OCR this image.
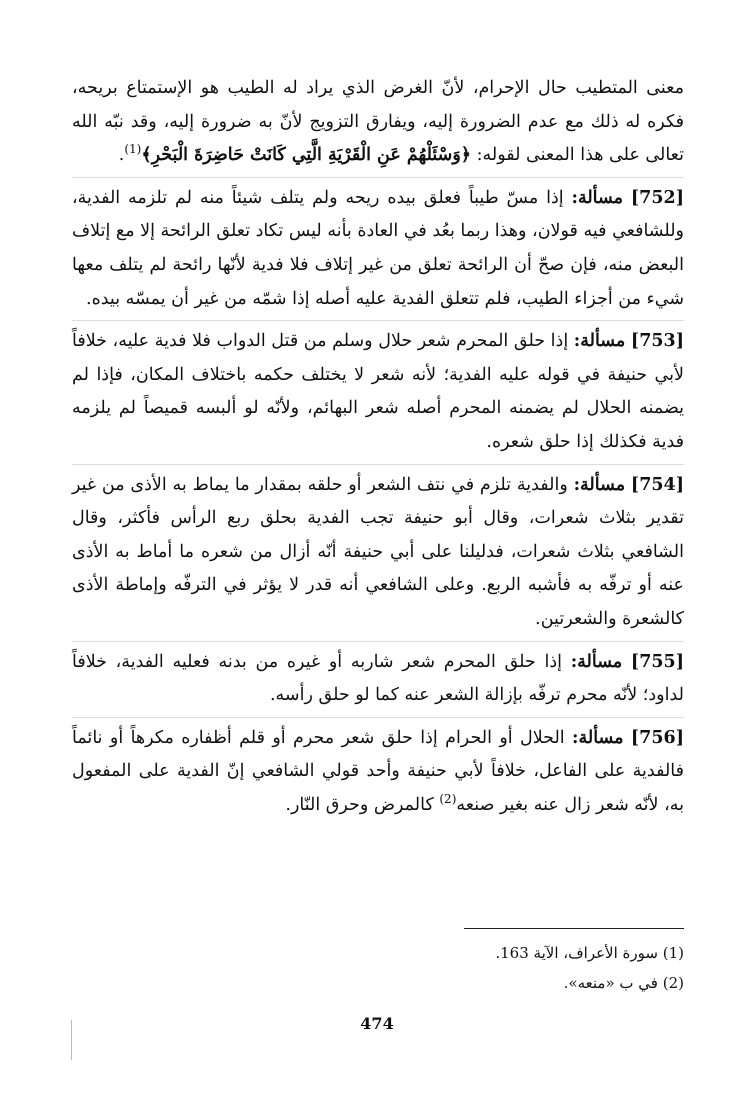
معنى المتطيب حال الإحرام، لأنّ الغرض الذي يراد له الطيب هو الإستمتاع بريحه، فكره له ذلك مع عدم الضرورة إليه، ويفارق التزويج لأنّ به ضرورة إليه، وقد نبّه الله تعالى على هذا المعنى لقوله: ﴿وَسْئَلْهُمْ عَنِ الْقَرْيَةِ الَّتِي كَانَتْ حَاضِرَةَ الْبَحْرِ﴾$^{(1)}$.

[752] مسألة: إذا مسّ طيباً فعلق بيده ريحه ولم يتلف شيئاً منه لم تلزمه الفدية، وللشافعي فيه قولان، وهذا ربما بعُد في العادة بأنه ليس تكاد تعلق الرائحة إلا مع إتلاف البعض منه، فإن صحّ أن الرائحة تعلق من غير إتلاف فلا فدية لأنّها رائحة لم يتلف معها شيء من أجزاء الطيب، فلم تتعلق الفدية عليه أصله إذا شمّه من غير أن يمسّه بيده.

[753] مسألة: إذا حلق المحرم شعر حلال وسلم من قتل الدواب فلا فدية عليه، خلافاً لأبي حنيفة في قوله عليه الفدية؛ لأنه شعر لا يختلف حكمه باختلاف المكان، فإذا لم يضمنه الحلال لم يضمنه المحرم أصله شعر البهائم، ولأنّه لو ألبسه قميصاً لم يلزمه فدية فكذلك إذا حلق شعره.

[754] مسألة: والفدية تلزم في نتف الشعر أو حلقه بمقدار ما يماط به الأذى من غير تقدير بثلاث شعرات، وقال أبو حنيفة تجب الفدية بحلق ربع الرأس فأكثر، وقال الشافعي بثلاث شعرات، فدليلنا على أبي حنيفة أنّه أزال من شعره ما أماط به الأذى عنه أو ترفّه به فأشبه الربع. وعلى الشافعي أنه قدر لا يؤثر في الترفّه وإماطة الأذى كالشعرة والشعرتين.

[755] مسألة: إذا حلق المحرم شعر شاربه أو غيره من بدنه فعليه الفدية، خلافاً لداود؛ لأنّه محرم ترفّه بإزالة الشعر عنه كما لو حلق رأسه.

[756] مسألة: الحلال أو الحرام إذا حلق شعر محرم أو قلم أظفاره مكرهاً أو نائماً فالفدية على الفاعل، خلافاً لأبي حنيفة وأحد قولي الشافعي إنّ الفدية على المفعول به، لأنّه شعر زال عنه بغير صنعه$^{(2)}$ كالمرض وحرق النّار.

(1) سورة الأعراف، الآية 163.

(2) في ب «منعه».

474
